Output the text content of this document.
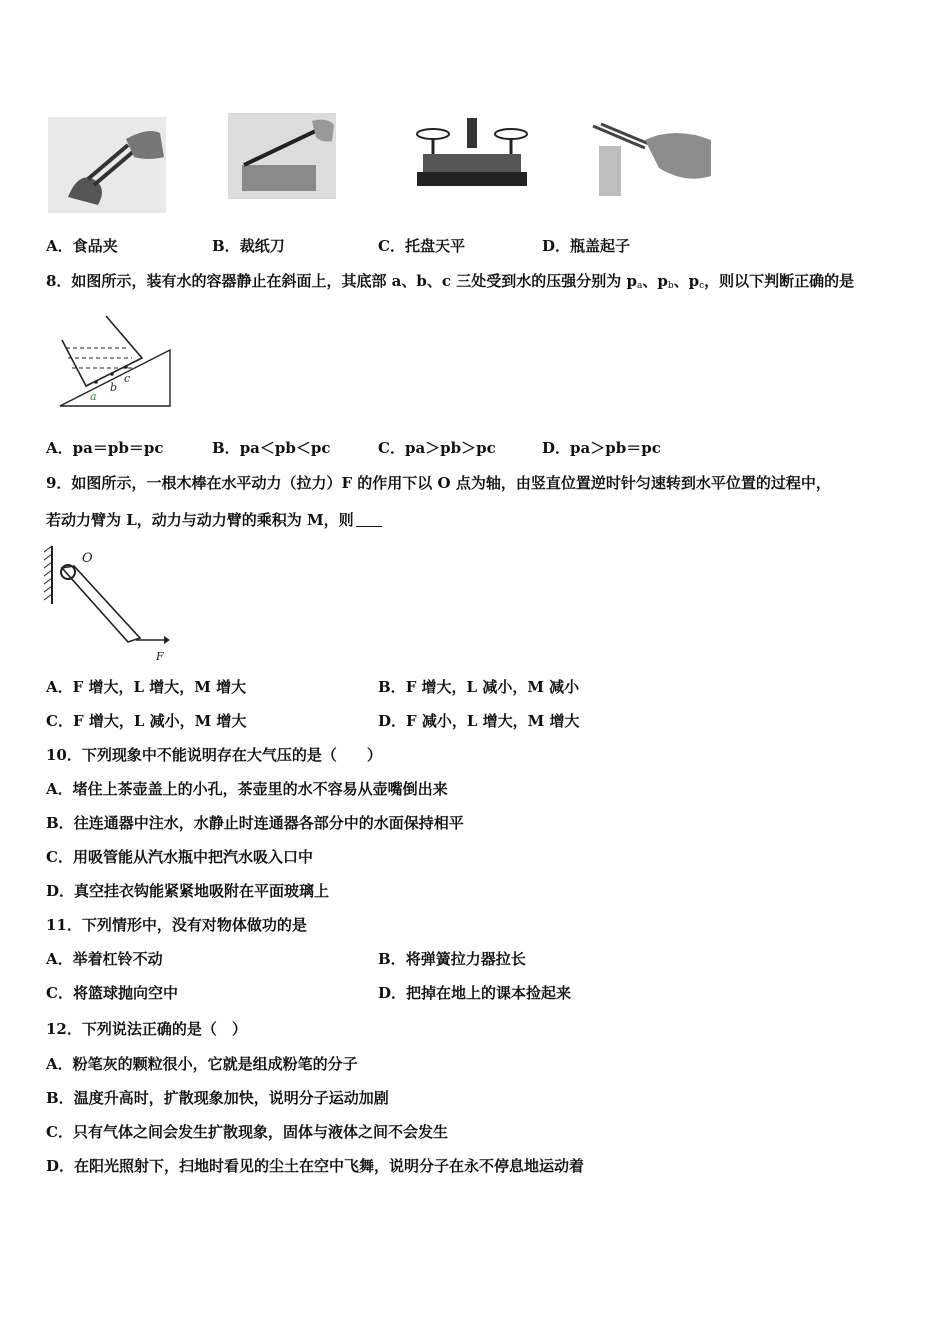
A．食品夹	B．裁纸刀	C．托盘天平	D．瓶盖起子
8．如图所示，装有水的容器静止在斜面上，其底部 a、b、c 三处受到水的压强分别为 $p_a$、$p_b$、$p_c$，则以下判断正确的是
a
b
c
A．pa＝pb＝pc	B．pa＜pb＜pc	C．pa＞pb＞pc	D．pa＞pb＝pc
9．如图所示，一根木棒在水平动力（拉力）F 的作用下以 O 点为轴，由竖直位置逆时针匀速转到水平位置的过程中，
若动力臂为 L，动力与动力臂的乘积为 M，则
O
F
A．F 增大，L 增大，M 增大	B．F 增大，L 减小，M 减小
C．F 增大，L 减小，M 增大	D．F 减小，L 增大，M 增大
10．下列现象中不能说明存在大气压的是（　　）
A．堵住上茶壶盖上的小孔，茶壶里的水不容易从壶嘴倒出来
B．往连通器中注水，水静止时连通器各部分中的水面保持相平
C．用吸管能从汽水瓶中把汽水吸入口中
D．真空挂衣钩能紧紧地吸附在平面玻璃上
11．下列情形中，没有对物体做功的是
A．举着杠铃不动	B．将弹簧拉力器拉长
C．将篮球抛向空中	D．把掉在地上的课本捡起来
12．下列说法正确的是（　）
A．粉笔灰的颗粒很小，它就是组成粉笔的分子
B．温度升高时，扩散现象加快，说明分子运动加剧
C．只有气体之间会发生扩散现象，固体与液体之间不会发生
D．在阳光照射下，扫地时看见的尘土在空中飞舞，说明分子在永不停息地运动着
